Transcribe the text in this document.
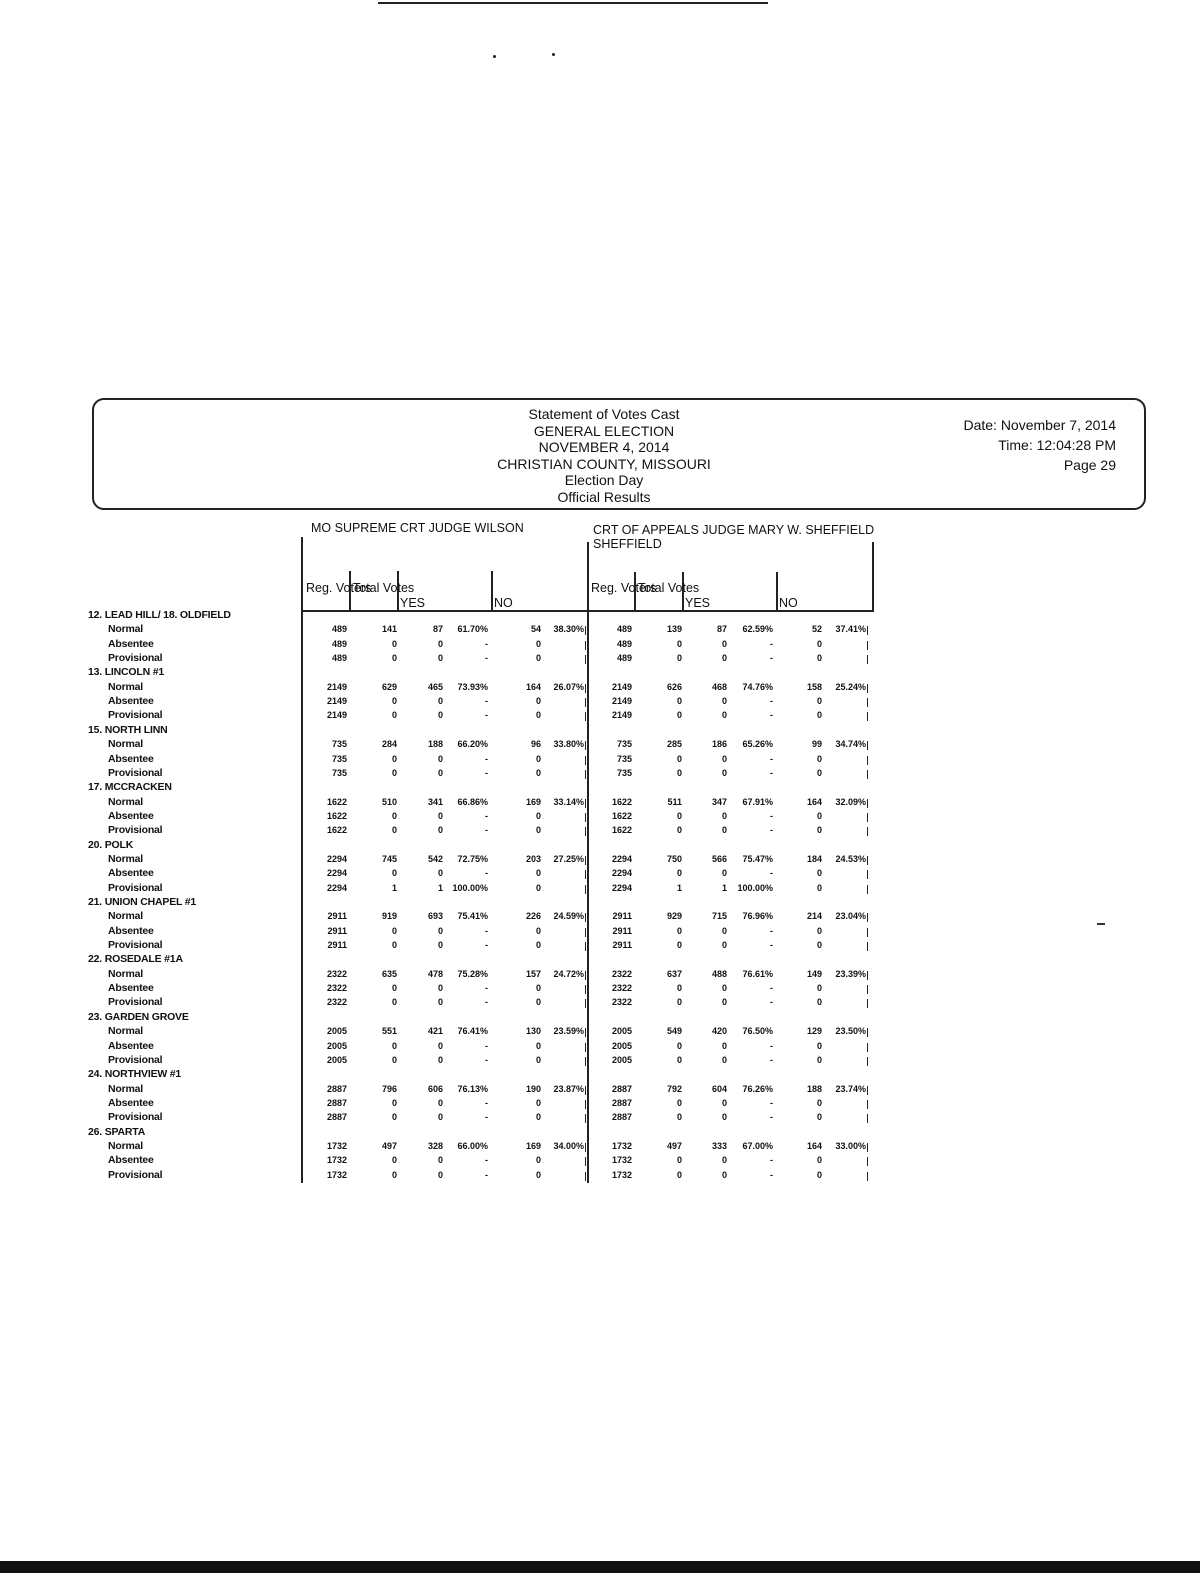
Statement of Votes Cast
GENERAL ELECTION
NOVEMBER 4, 2014
CHRISTIAN COUNTY, MISSOURI
Election Day
Official Results
Date: November 7, 2014
Time: 12:04:28 PM
Page 29
MO SUPREME CRT JUDGE WILSON	CRT OF APPEALS JUDGE MARY W. SHEFFIELD
SHEFFIELD
Reg. Voters
Total Votes
YES	NO
Reg. Voters
Total Votes
YES	NO
12. LEAD HILL/ 18. OLDFIELD
Normal	489	141	87 61.70%	54 38.30%	489	139	87 62.59%	52 37.41%
Absentee	489	0	0	-	0	489	0	0	-	0
Provisional	489	0	0	-	0	489	0	0	-	0
13. LINCOLN #1
Normal	2149	629	465 73.93%	164 26.07%	2149	626	468 74.76%	158 25.24%
Absentee	2149	0	0	-	0	2149	0	0	-	0
Provisional	2149	0	0	-	0	2149	0	0	-	0
15. NORTH LINN
Normal	735	284	188 66.20%	96 33.80%	735	285	186 65.26%	99 34.74%
Absentee	735	0	0	-	0	735	0	0	-	0
Provisional	735	0	0	-	0	735	0	0	-	0
17. MCCRACKEN
Normal	1622	510	341 66.86%	169 33.14%	1622	511	347 67.91%	164 32.09%
Absentee	1622	0	0	-	0	1622	0	0	-	0
Provisional	1622	0	0	-	0	1622	0	0	-	0
20. POLK
Normal	2294	745	542 72.75%	203 27.25%	2294	750	566 75.47%	184 24.53%
Absentee	2294	0	0	-	0	2294	0	0	-	0
Provisional	2294	1	1 100.00%	0	2294	1	1 100.00%	0
21. UNION CHAPEL #1
Normal	2911	919	693 75.41%	226 24.59%	2911	929	715 76.96%	214 23.04%
Absentee	2911	0	0	-	0	2911	0	0	-	0
Provisional	2911	0	0	-	0	2911	0	0	-	0
22. ROSEDALE #1A
Normal	2322	635	478 75.28%	157 24.72%	2322	637	488 76.61%	149 23.39%
Absentee	2322	0	0	-	0	2322	0	0	-	0
Provisional	2322	0	0	-	0	2322	0	0	-	0
23. GARDEN GROVE
Normal	2005	551	421 76.41%	130 23.59%	2005	549	420 76.50%	129 23.50%
Absentee	2005	0	0	-	0	2005	0	0	-	0
Provisional	2005	0	0	-	0	2005	0	0	-	0
24. NORTHVIEW #1
Normal	2887	796	606 76.13%	190 23.87%	2887	792	604 76.26%	188 23.74%
Absentee	2887	0	0	-	0	2887	0	0	-	0
Provisional	2887	0	0	-	0	2887	0	0	-	0
26. SPARTA
Normal	1732	497	328 66.00%	169 34.00%	1732	497	333 67.00%	164 33.00%
Absentee	1732	0	0	-	0	1732	0	0	-	0
Provisional	1732	0	0	-	0	1732	0	0	-	0
